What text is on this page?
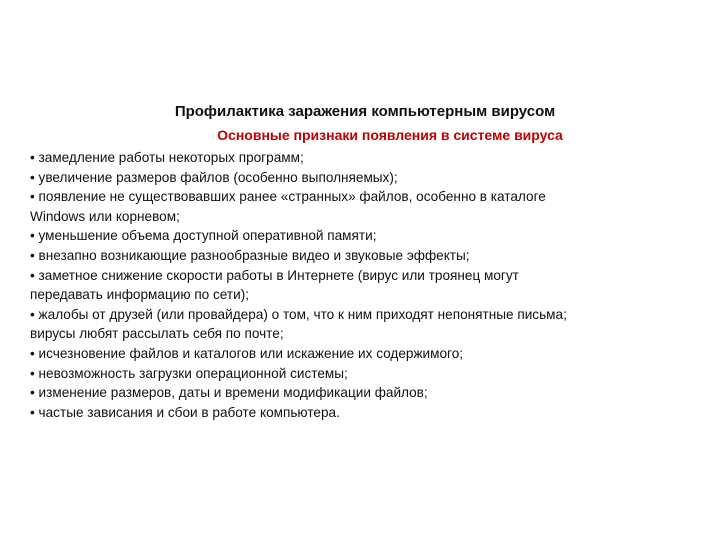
Профилактика заражения компьютерным вирусом
Основные признаки появления в системе вируса
• замедление работы некоторых программ;
• увеличение размеров файлов (особенно выполняемых);
• появление не существовавших ранее «странных» файлов, особенно в каталоге
Windows или корневом;
• уменьшение объема доступной оперативной памяти;
• внезапно возникающие разнообразные видео и звуковые эффекты;
• заметное снижение скорости работы в Интернете (вирус или троянец могут
передавать информацию по сети);
• жалобы от друзей (или провайдера) о том, что к ним приходят непонятные письма;
вирусы любят рассылать себя по почте;
• исчезновение файлов и каталогов или искажение их содержимого;
• невозможность загрузки операционной системы;
• изменение размеров, даты и времени модификации файлов;
• частые зависания и сбои в работе компьютера.
